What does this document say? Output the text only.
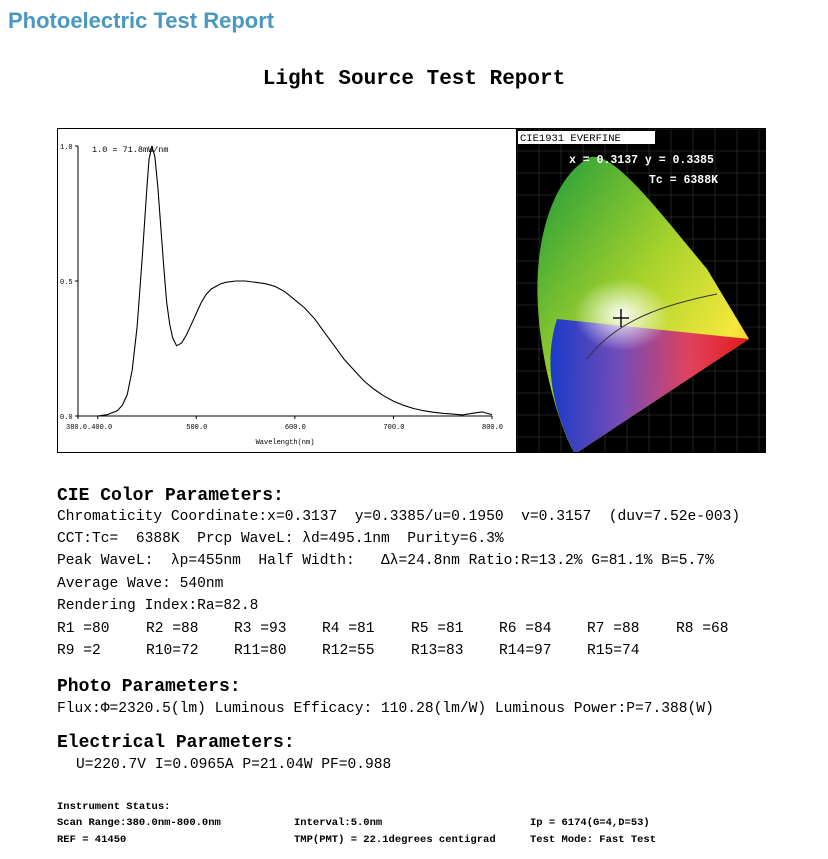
Photoelectric Test Report
Light Source Test Report
1.0
0.5
0.0
380.0.400.0	500.0	600.0	700.0	800.0
Wavelength(nm)
1.0 = 71.8mW/nm
CIE1931 EVERFINE
x = 0.3137 y = 0.3385
Tc = 6388K
CIE Color Parameters:
Chromaticity Coordinate:x=0.3137  y=0.3385/u=0.1950  v=0.3157  (duv=7.52e-003)
CCT:Tc=  6388K  Prcp WaveL: λd=495.1nm  Purity=6.3%
Peak WaveL:  λp=455nm  Half Width:   Δλ=24.8nm Ratio:R=13.2% G=81.1% B=5.7%
Average Wave: 540nm
Rendering Index:Ra=82.8
R1 =80 R2 =88 R3 =93 R4 =81 R5 =81 R6 =84 R7 =88 R8 =68
R9 =2	R10=72 R11=80 R12=55 R13=83 R14=97 R15=74
Photo Parameters:
Flux:Φ=2320.5(lm) Luminous Efficacy: 110.28(lm/W) Luminous Power:P=7.388(W)
Electrical Parameters:
U=220.7V I=0.0965A P=21.04W PF=0.988
Instrument Status:
Scan Range:380.0nm-800.0nm	Interval:5.0nm	Ip = 6174(G=4,D=53)
REF = 41450	TMP(PMT) = 22.1degrees centigrad	Test Mode: Fast Test
